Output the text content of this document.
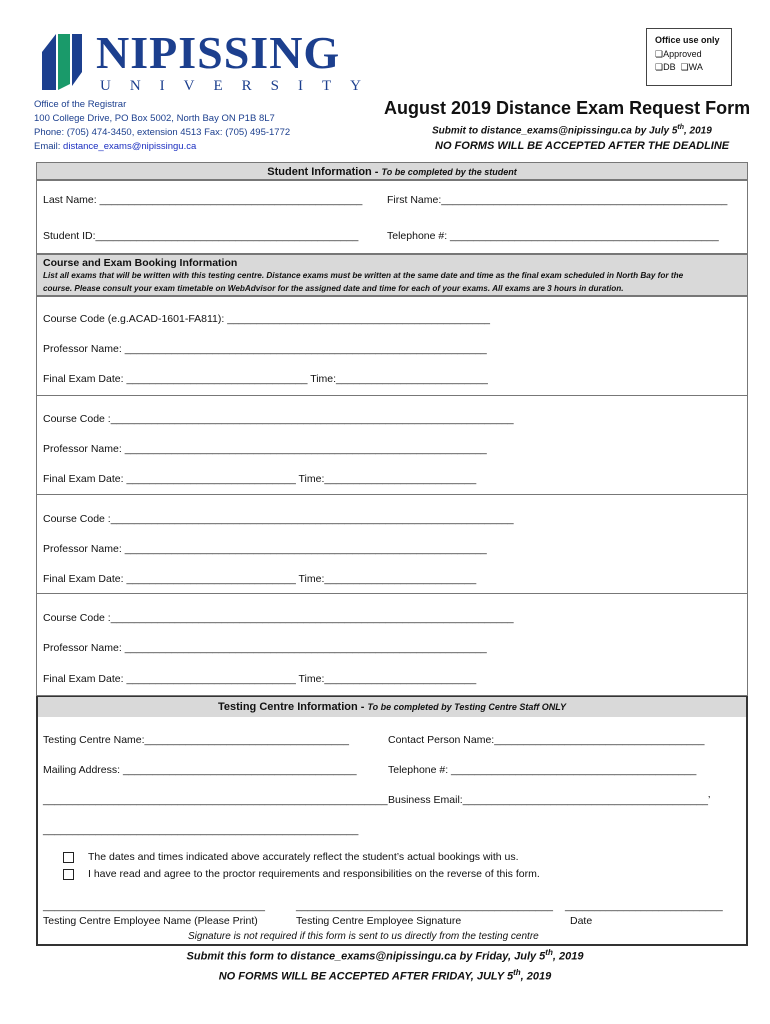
NIPISSING
UNIVERSITY
Office use only
❏Approved
❏DB  ❏WA
Office of the Registrar
100 College Drive, PO Box 5002, North Bay ON P1B 8L7
Phone: (705) 474-3450, extension 4513 Fax: (705) 495-1772
Email: distance_exams@nipissingu.ca
August 2019 Distance Exam Request Form
Submit to distance_exams@nipissingu.ca by July 5th, 2019
NO FORMS WILL BE ACCEPTED AFTER THE DEADLINE
Student Information - To be completed by the student
Last Name: _____________________________________________ First Name:_________________________________________________
Student ID:_____________________________________________	Telephone #: ______________________________________________
Course and Exam Booking Information
List all exams that will be written with this testing centre. Distance exams must be written at the same date and time as the final exam scheduled in North Bay for the
course. Please consult your exam timetable on WebAdvisor for the assigned date and time for each of your exams. All exams are 3 hours in duration.
Course Code (e.g.ACAD-1601-FA811): _____________________________________________
Professor Name: ______________________________________________________________
Final Exam Date: _______________________________ Time:__________________________
Course Code :_____________________________________________________________________
Professor Name: ______________________________________________________________
Final Exam Date: _____________________________ Time:__________________________
Course Code :_____________________________________________________________________
Professor Name: ______________________________________________________________
Final Exam Date: _____________________________ Time:__________________________
Course Code :_____________________________________________________________________
Professor Name: ______________________________________________________________
Final Exam Date: _____________________________ Time:__________________________
Testing Centre Information - To be completed by Testing Centre Staff ONLY
Testing Centre Name:___________________________________	Contact Person Name:____________________________________
Mailing Address: ________________________________________	Telephone #: __________________________________________
___________________________________________________________ Business Email:__________________________________________’
______________________________________________________
The dates and times indicated above accurately reflect the student’s actual bookings with us.
I have read and agree to the proctor requirements and responsibilities on the reverse of this form.
______________________________________	____________________________________________ ___________________________
Testing Centre Employee Name (Please Print)	Testing Centre Employee Signature	Date
Signature is not required if this form is sent to us directly from the testing centre
Submit this form to distance_exams@nipissingu.ca by Friday, July 5th, 2019
NO FORMS WILL BE ACCEPTED AFTER FRIDAY, JULY 5th, 2019
